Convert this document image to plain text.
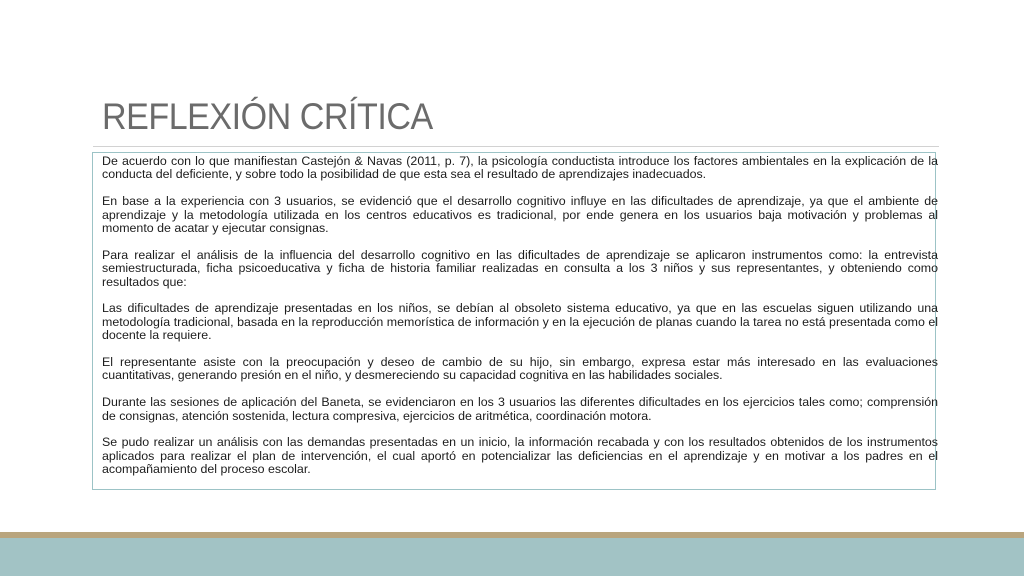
REFLEXIÓN CRÍTICA

De acuerdo con lo que manifiestan Castejón & Navas (2011, p. 7), la psicología conductista introduce los factores ambientales en la explicación de la conducta del deficiente, y sobre todo la posibilidad de que esta sea el resultado de aprendizajes inadecuados.

En base a la experiencia con 3 usuarios, se evidenció que el desarrollo cognitivo influye en las dificultades de aprendizaje, ya que el ambiente de aprendizaje y la metodología utilizada en los centros educativos es tradicional, por ende genera en los usuarios baja motivación y problemas al momento de acatar y ejecutar consignas.

Para realizar el análisis de la influencia del desarrollo cognitivo en las dificultades de aprendizaje se aplicaron instrumentos como: la entrevista semiestructurada, ficha psicoeducativa y ficha de historia familiar realizadas en consulta a los 3 niños y sus representantes, y obteniendo como resultados que:

Las dificultades de aprendizaje presentadas en los niños, se debían al obsoleto sistema educativo, ya que en las escuelas siguen utilizando una metodología tradicional, basada en la reproducción memorística de información y en la ejecución de planas cuando la tarea no está presentada como el docente la requiere.

El representante asiste con la preocupación y deseo de cambio de su hijo, sin embargo, expresa estar más interesado en las evaluaciones cuantitativas, generando presión en el niño, y desmereciendo su capacidad cognitiva en las habilidades sociales.

Durante las sesiones de aplicación del Baneta, se evidenciaron en los 3 usuarios las diferentes dificultades en los ejercicios tales como; comprensión de consignas, atención sostenida, lectura compresiva, ejercicios de aritmética, coordinación motora.

Se pudo realizar un análisis con las demandas presentadas en un inicio, la información recabada y con los resultados obtenidos de los instrumentos aplicados para realizar el plan de intervención, el cual aportó en potencializar las deficiencias en el aprendizaje y en motivar a los padres en el acompañamiento del proceso escolar.
